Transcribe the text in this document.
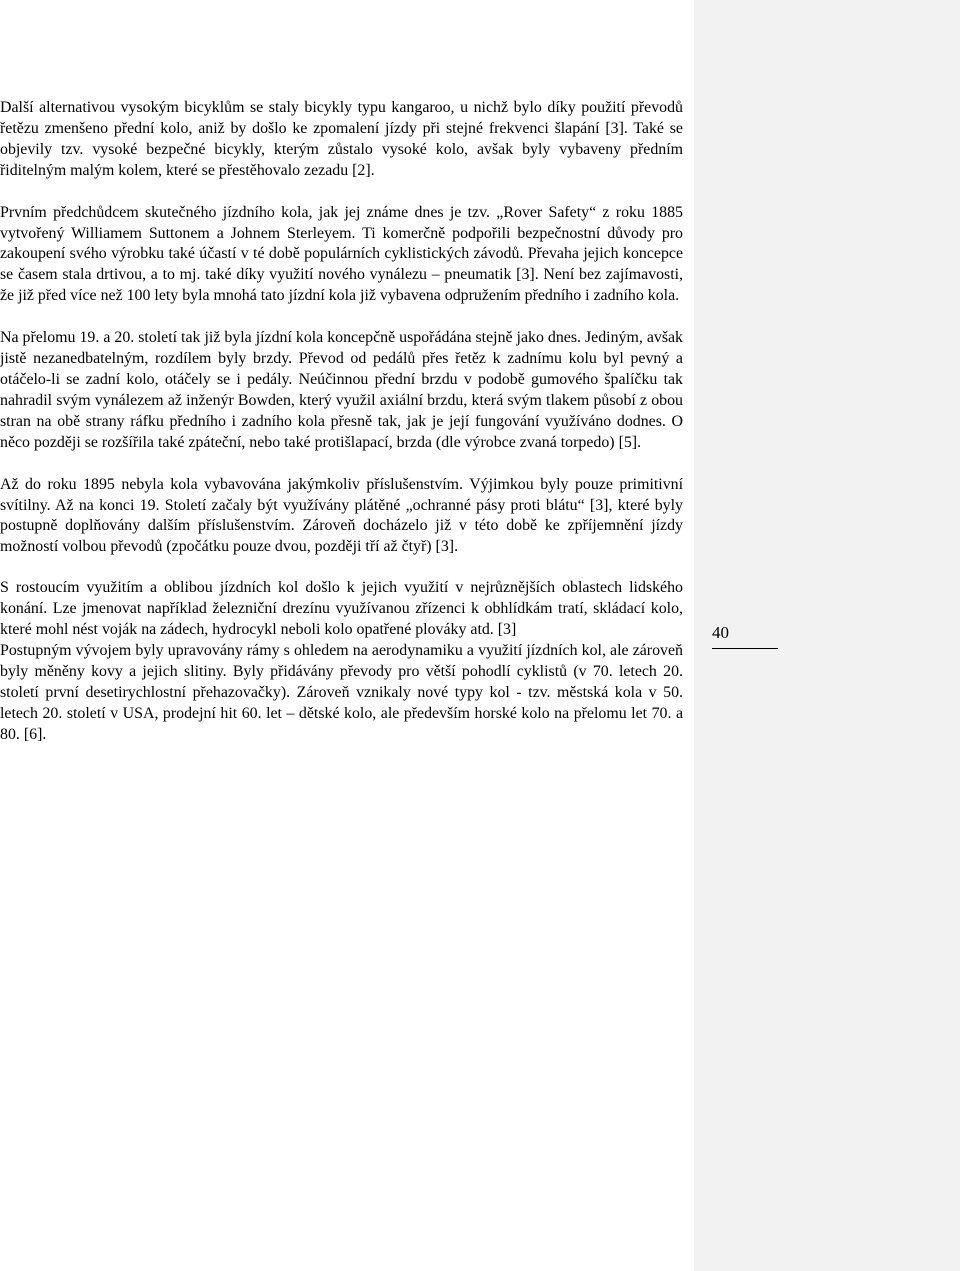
Další alternativou vysokým bicyklům se staly bicykly typu kangaroo, u nichž bylo díky použití převodů řetězu zmenšeno přední kolo, aniž by došlo ke zpomalení jízdy při stejné frekvenci šlapání [3]. Také se objevily tzv. vysoké bezpečné bicykly, kterým zůstalo vysoké kolo, avšak byly vybaveny předním řiditelným malým kolem, které se přestěhovalo zezadu [2].

Prvním předchůdcem skutečného jízdního kola, jak jej známe dnes je tzv. „Rover Safety“ z roku 1885 vytvořený Williamem Suttonem a Johnem Sterleyem. Ti komerčně podpořili bezpečnostní důvody pro zakoupení svého výrobku také účastí v té době populárních cyklistických závodů. Převaha jejich koncepce se časem stala drtivou, a to mj. také díky využití nového vynálezu – pneumatik [3]. Není bez zajímavosti, že již před více než 100 lety byla mnohá tato jízdní kola již vybavena odpružením předního i zadního kola.

Na přelomu 19. a 20. století tak již byla jízdní kola koncepčně uspořádána stejně jako dnes. Jediným, avšak jistě nezanedbatelným, rozdílem byly brzdy. Převod od pedálů přes řetěz k zadnímu kolu byl pevný a otáčelo-li se zadní kolo, otáčely se i pedály. Neúčinnou přední brzdu v podobě gumového špalíčku tak nahradil svým vynálezem až inženýr Bowden, který využil axiální brzdu, která svým tlakem působí z obou stran na obě strany ráfku předního i zadního kola přesně tak, jak je její fungování využíváno dodnes. O něco později se rozšířila také zpáteční, nebo také protišlapací, brzda (dle výrobce zvaná torpedo) [5].

Až do roku 1895 nebyla kola vybavována jakýmkoliv příslušenstvím. Výjimkou byly pouze primitivní svítilny. Až na konci 19. Století začaly být využívány plátěné „ochranné pásy proti blátu“ [3], které byly postupně doplňovány dalším příslušenstvím. Zároveň docházelo již v této době ke zpříjemnění jízdy možností volbou převodů (zpočátku pouze dvou, později tří až čtyř) [3].

S rostoucím využitím a oblibou jízdních kol došlo k jejich využití v nejrůznějších oblastech lidského konání. Lze jmenovat například železniční drezínu využívanou zřízenci k obhlídkám tratí, skládací kolo, které mohl nést voják na zádech, hydrocykl neboli kolo opatřené plováky atd. [3]

Postupným vývojem byly upravovány rámy s ohledem na aerodynamiku a využití jízdních kol, ale zároveň byly měněny kovy a jejich slitiny. Byly přidávány převody pro větší pohodlí cyklistů (v 70. letech 20. století první desetirychlostní přehazovačky). Zároveň vznikaly nové typy kol - tzv. městská kola v 50. letech 20. století v USA, prodejní hit 60. let – dětské kolo, ale především horské kolo na přelomu let 70. a 80. [6].

40
